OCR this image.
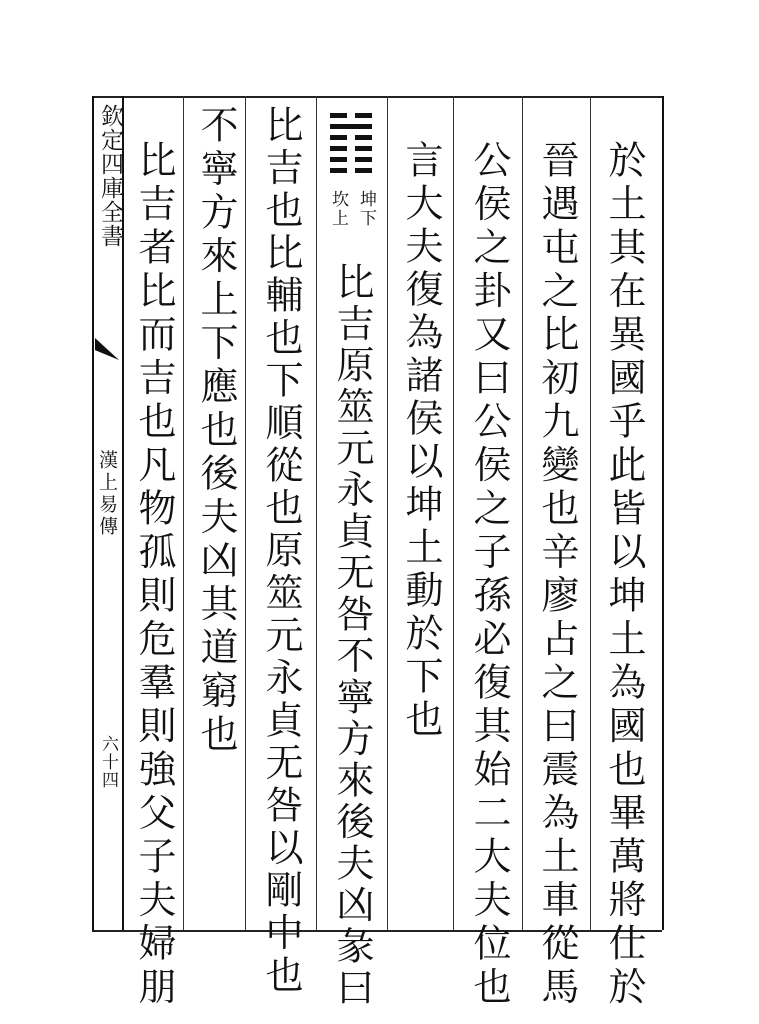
欽定四庫全書
漢上易傳
六十四	於土其在異國乎此皆以坤土為國也畢萬將仕於
晉遇屯之比初九變也辛廖占之曰震為土車從馬
公侯之卦又曰公侯之子孫必復其始二大夫位也
言大夫復為諸侯以坤土動於下也
坤下
坎上
比吉原筮元永貞无咎不寧方來後夫凶彖曰
比吉也比輔也下順從也原筮元永貞无咎以剛中也
不寧方來上下應也後夫凶其道窮也
比吉者比而吉也凡物孤則危羣則強父子夫婦朋
